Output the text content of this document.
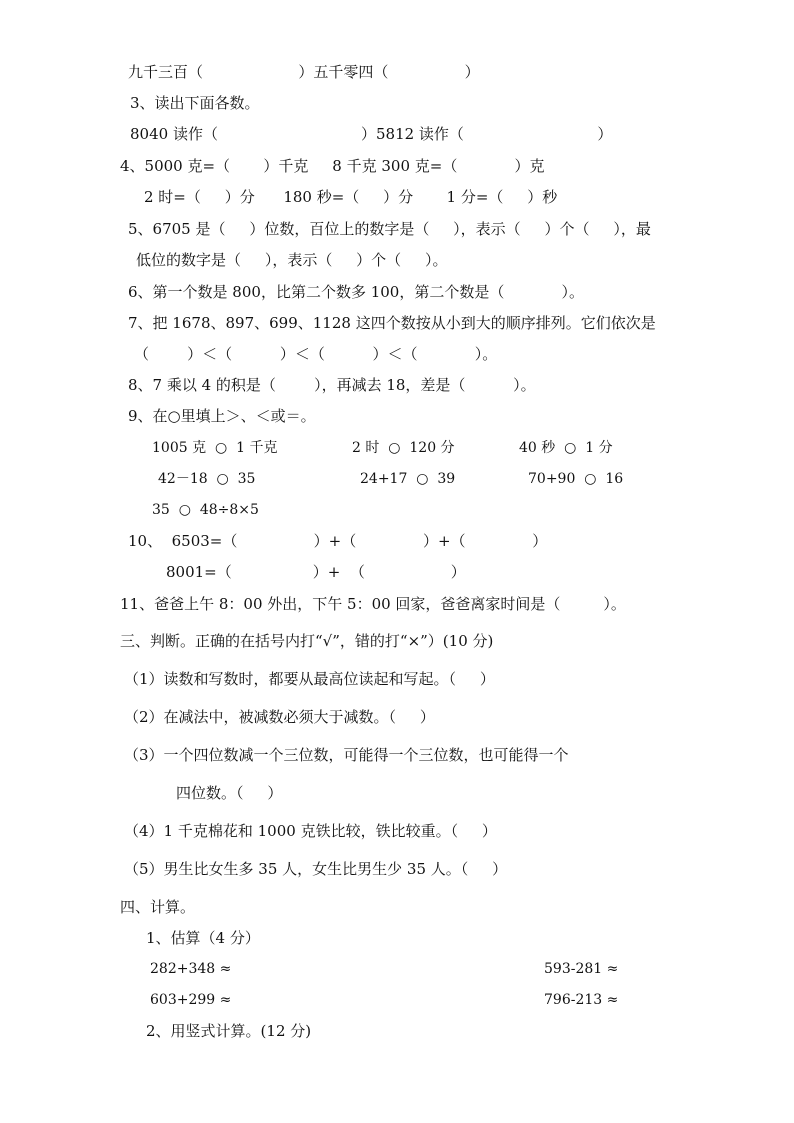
九千三百（                    ）五千零四（                ）
3、读出下面各数。
8040 读作（                              ）5812 读作（                            ）
4、5000 克=（       ）千克     8 千克 300 克=（            ）克
2 时=（     ）分      180 秒=（     ）分       1 分=（     ）秒
5、6705 是（     ）位数，百位上的数字是（     ），表示（     ）个（     ），最
低位的数字是（     ），表示（     ）个（     ）。
6、第一个数是 800，比第二个数多 100，第二个数是（            ）。
7、把 1678、897、699、1128 这四个数按从小到大的顺序排列。它们依次是
（        ）＜（          ）＜（          ）＜（            ）。
8、7 乘以 4 的积是（        ），再减去 18，差是（          ）。
9、在○里填上＞、＜或＝。
1005 克  ○  1 千克	2 时  ○  120 分	40 秒  ○  1 分
42－18  ○  35	24+17  ○  39	70+90  ○  16
35  ○  48÷8×5
10、  6503=（                ）+（              ）+（              ）
8001=（                 ）+  （                  ）
11、爸爸上午 8：00 外出，下午 5：00 回家，爸爸离家时间是（         ）。
三、判断。正确的在括号内打“√”，错的打“×”）(10 分)
（1）读数和写数时，都要从最高位读起和写起。（     ）
（2）在减法中，被减数必须大于减数。（     ）
（3）一个四位数减一个三位数，可能得一个三位数，也可能得一个
四位数。（     ）
（4）1 千克棉花和 1000 克铁比较，铁比较重。（     ）
（5）男生比女生多 35 人，女生比男生少 35 人。（     ）
四、计算。
1、估算（4 分）
282+348 ≈	593-281 ≈
603+299 ≈	796-213 ≈
2、用竖式计算。(12 分)
